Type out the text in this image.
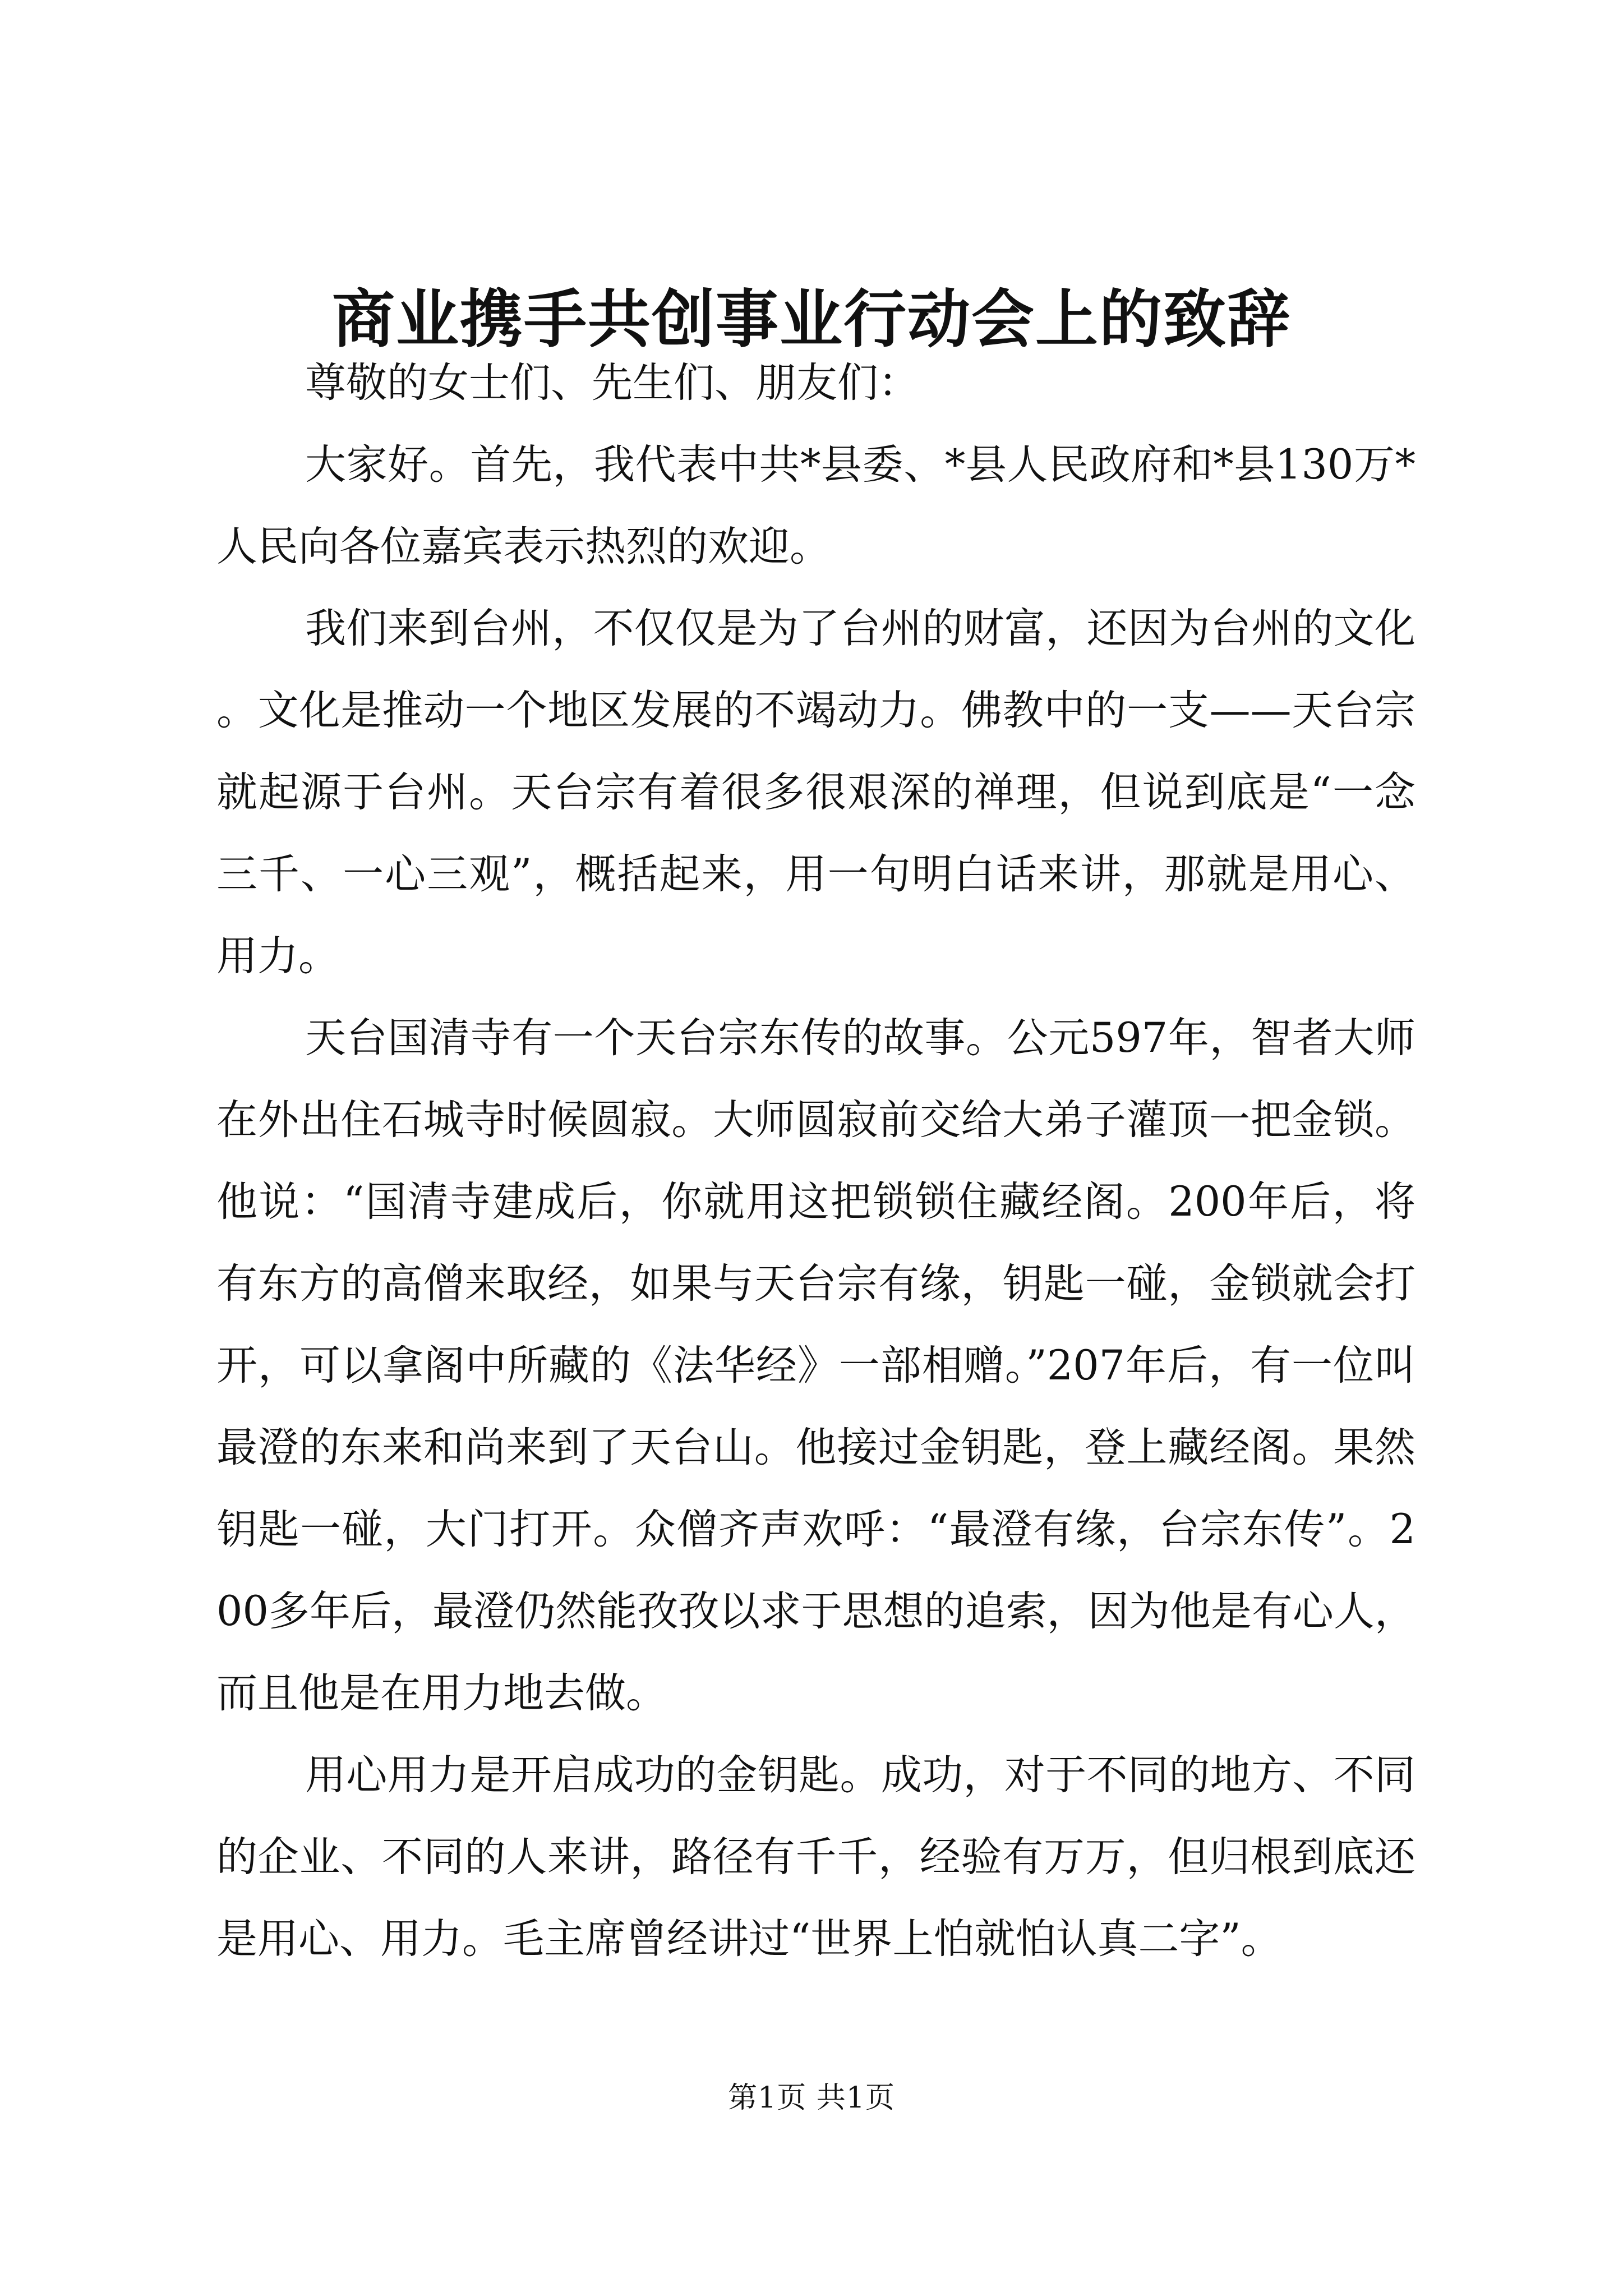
商业携手共创事业行动会上的致辞

尊敬的女士们、先生们、朋友们：

大家好。首先，我代表中共*县委、*县人民政府和*县130万*人民向各位嘉宾表示热烈的欢迎。

我们来到台州，不仅仅是为了台州的财富，还因为台州的文化。文化是推动一个地区发展的不竭动力。佛教中的一支——天台宗就起源于台州。天台宗有着很多很艰深的禅理，但说到底是“一念三千、一心三观”，概括起来，用一句明白话来讲，那就是用心、用力。

天台国清寺有一个天台宗东传的故事。公元597年，智者大师在外出住石城寺时候圆寂。大师圆寂前交给大弟子灌顶一把金锁。他说：“国清寺建成后，你就用这把锁锁住藏经阁。200年后，将有东方的高僧来取经，如果与天台宗有缘，钥匙一碰，金锁就会打开，可以拿阁中所藏的《法华经》一部相赠。”207年后，有一位叫最澄的东来和尚来到了天台山。他接过金钥匙，登上藏经阁。果然钥匙一碰，大门打开。众僧齐声欢呼：“最澄有缘，台宗东传”。200多年后，最澄仍然能孜孜以求于思想的追索，因为他是有心人，而且他是在用力地去做。

用心用力是开启成功的金钥匙。成功，对于不同的地方、不同的企业、不同的人来讲，路径有千千，经验有万万，但归根到底还是用心、用力。毛主席曾经讲过“世界上怕就怕认真二字”。

第1页 共1页
